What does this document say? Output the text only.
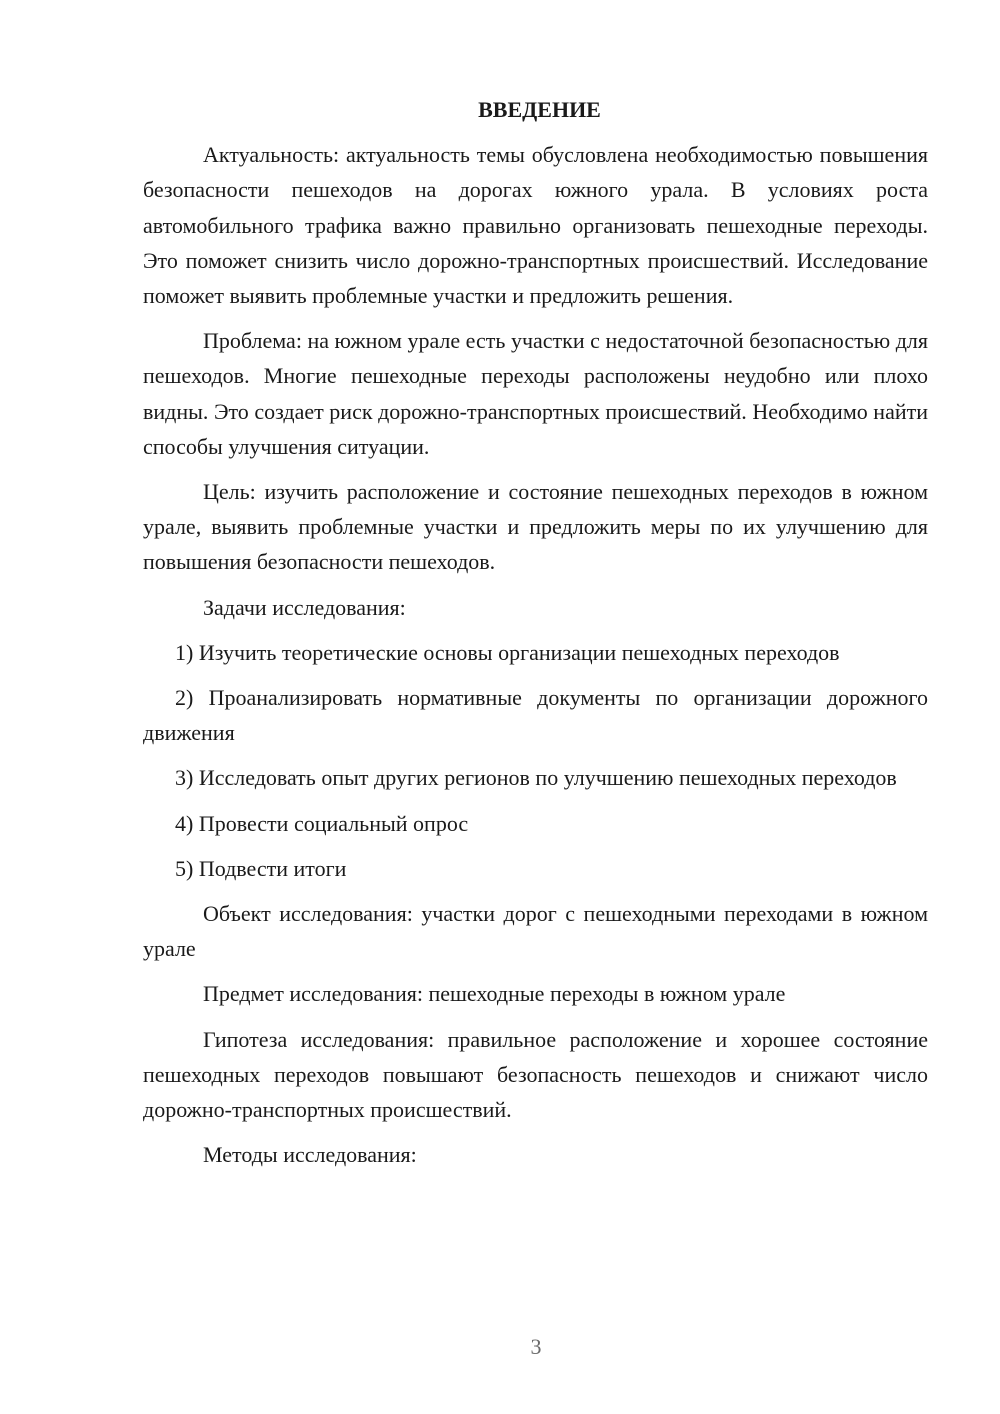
ВВЕДЕНИЕ

Актуальность: актуальность темы обусловлена необходимостью повышения безопасности пешеходов на дорогах южного урала. В условиях роста автомобильного трафика важно правильно организовать пешеходные переходы. Это поможет снизить число дорожно-транспортных происшествий. Исследование поможет выявить проблемные участки и предложить решения.

Проблема: на южном урале есть участки с недостаточной безопасностью для пешеходов. Многие пешеходные переходы расположены неудобно или плохо видны. Это создает риск дорожно-транспортных происшествий. Необходимо найти способы улучшения ситуации.

Цель: изучить расположение и состояние пешеходных переходов в южном урале, выявить проблемные участки и предложить меры по их улучшению для повышения безопасности пешеходов.

Задачи исследования:

1) Изучить теоретические основы организации пешеходных переходов

2) Проанализировать нормативные документы по организации дорожного движения

3) Исследовать опыт других регионов по улучшению пешеходных переходов

4) Провести социальный опрос

5) Подвести итоги

Объект исследования: участки дорог с пешеходными переходами в южном урале

Предмет исследования: пешеходные переходы в южном урале

Гипотеза исследования: правильное расположение и хорошее состояние пешеходных переходов повышают безопасность пешеходов и снижают число дорожно-транспортных происшествий.

Методы исследования:

3
